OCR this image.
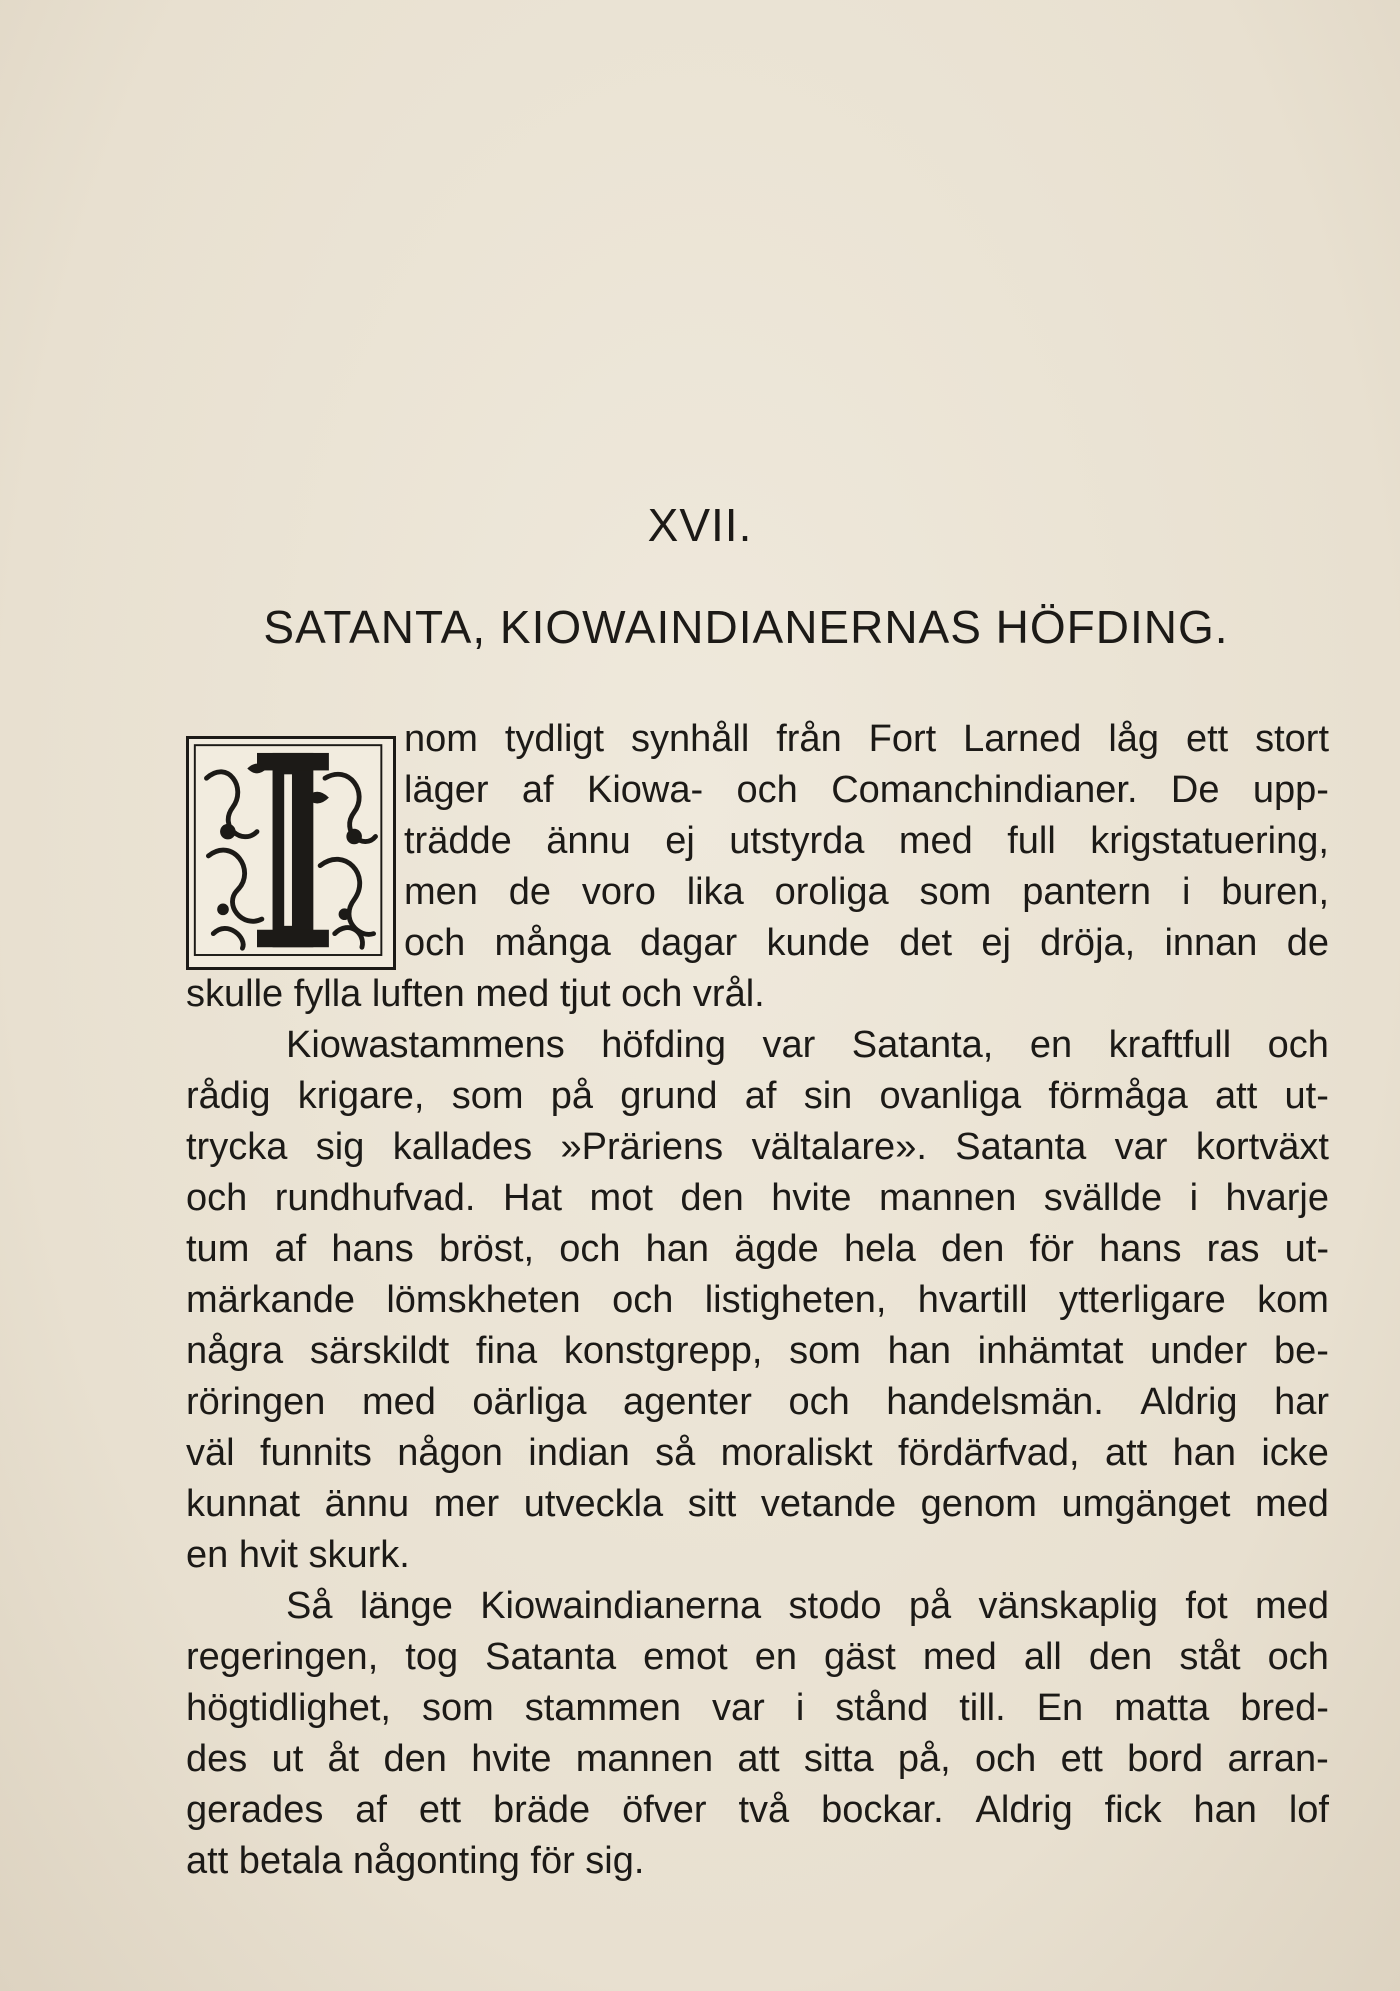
XVII.
SATANTA, KIOWAINDIANERNAS HÖFDING.
nom tydligt synhåll från Fort Larned låg ett stort
läger af Kiowa- och Comanchindianer. De upp-
trädde ännu ej utstyrda med full krigstatuering,
men de voro lika oroliga som pantern i buren,
och många dagar kunde det ej dröja, innan de
skulle fylla luften med tjut och vrål.
Kiowastammens höfding var Satanta, en kraftfull och
rådig krigare, som på grund af sin ovanliga förmåga att ut-
trycka sig kallades »Präriens vältalare». Satanta var kortväxt
och rundhufvad. Hat mot den hvite mannen svällde i hvarje
tum af hans bröst, och han ägde hela den för hans ras ut-
märkande lömskheten och listigheten, hvartill ytterligare kom
några särskildt fina konstgrepp, som han inhämtat under be-
röringen med oärliga agenter och handelsmän. Aldrig har
väl funnits någon indian så moraliskt fördärfvad, att han icke
kunnat ännu mer utveckla sitt vetande genom umgänget med
en hvit skurk.
Så länge Kiowaindianerna stodo på vänskaplig fot med
regeringen, tog Satanta emot en gäst med all den ståt och
högtidlighet, som stammen var i stånd till. En matta bred-
des ut åt den hvite mannen att sitta på, och ett bord arran-
gerades af ett bräde öfver två bockar. Aldrig fick han lof
att betala någonting för sig.
